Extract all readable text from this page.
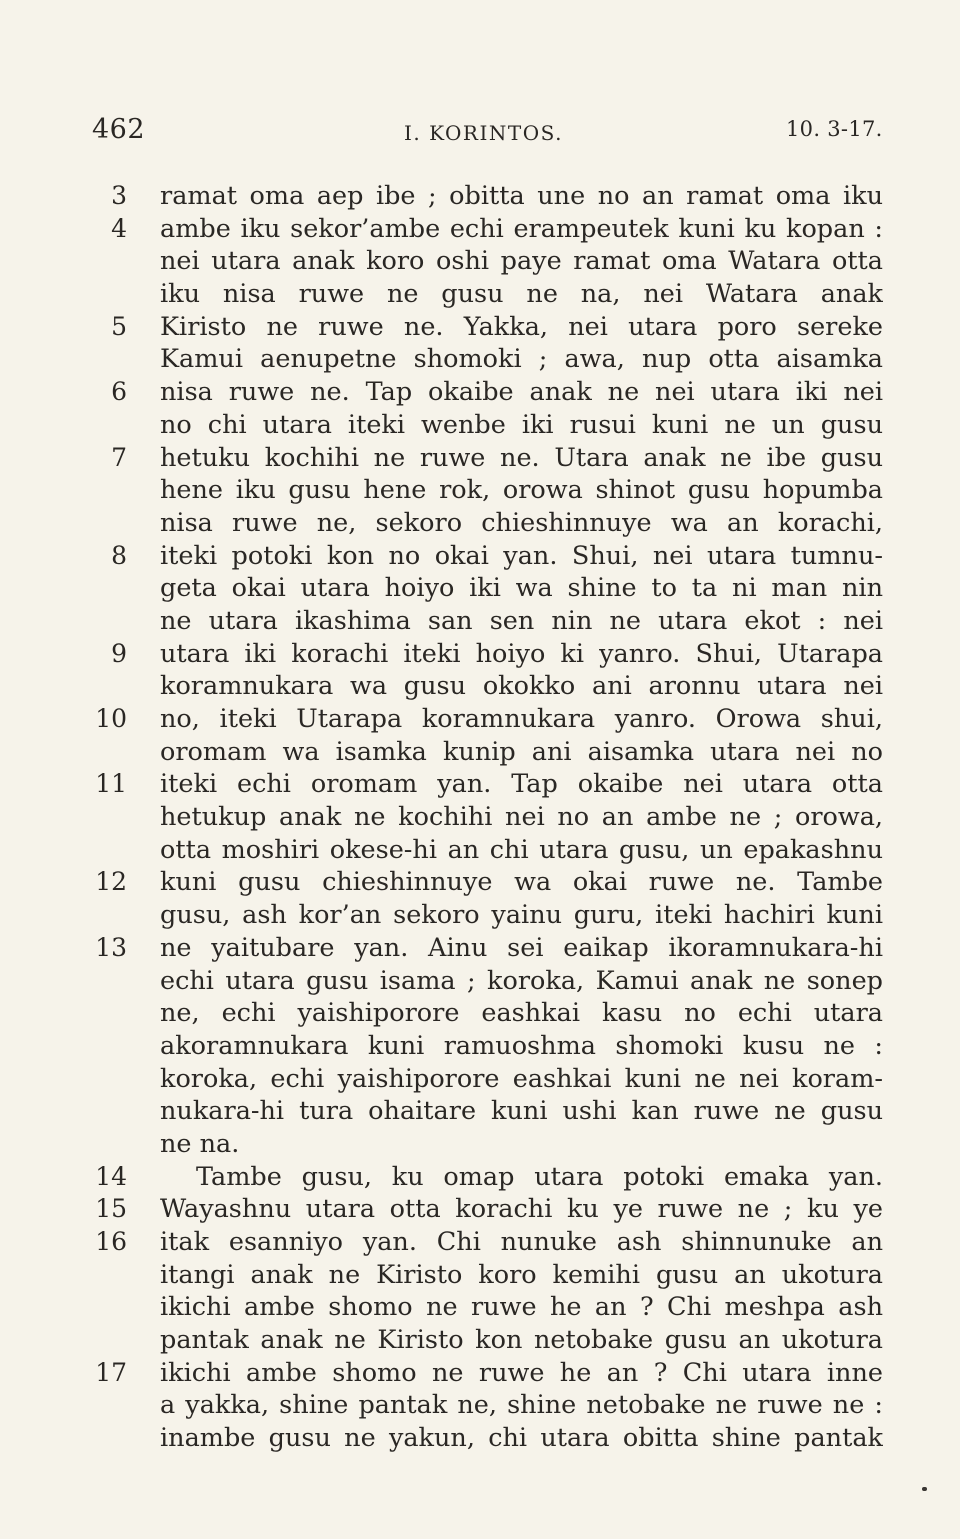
462	I. KORINTOS.	10. 3-17.
3 ramat oma aep ibe ; obitta une no an ramat oma iku
4 ambe iku sekor’ambe echi erampeutek kuni ku kopan :
nei utara anak koro oshi paye ramat oma Watara otta
iku nisa ruwe ne gusu ne na, nei Watara anak
5 Kiristo ne ruwe ne. Yakka, nei utara poro sereke
Kamui aenupetne shomoki ; awa, nup otta aisamka
6 nisa ruwe ne. Tap okaibe anak ne nei utara iki nei
no chi utara iteki wenbe iki rusui kuni ne un gusu
7 hetuku kochihi ne ruwe ne. Utara anak ne ibe gusu
hene iku gusu hene rok, orowa shinot gusu hopumba
nisa ruwe ne, sekoro chieshinnuye wa an korachi,
8 iteki potoki kon no okai yan. Shui, nei utara tumnu-
geta okai utara hoiyo iki wa shine to ta ni man nin
ne utara ikashima san sen nin ne utara ekot : nei
9 utara iki korachi iteki hoiyo ki yanro. Shui, Utarapa
koramnukara wa gusu okokko ani aronnu utara nei
10 no, iteki Utarapa koramnukara yanro. Orowa shui,
oromam wa isamka kunip ani aisamka utara nei no
11 iteki echi oromam yan. Tap okaibe nei utara otta
hetukup anak ne kochihi nei no an ambe ne ; orowa,
otta moshiri okese-hi an chi utara gusu, un epakashnu
12 kuni gusu chieshinnuye wa okai ruwe ne. Tambe
gusu, ash kor’an sekoro yainu guru, iteki hachiri kuni
13 ne yaitubare yan. Ainu sei eaikap ikoramnukara-hi
echi utara gusu isama ; koroka, Kamui anak ne sonep
ne, echi yaishiporore eashkai kasu no echi utara
akoramnukara kuni ramuoshma shomoki kusu ne :
koroka, echi yaishiporore eashkai kuni ne nei koram-
nukara-hi tura ohaitare kuni ushi kan ruwe ne gusu
ne na.
14	Tambe gusu, ku omap utara potoki emaka yan.
15 Wayashnu utara otta korachi ku ye ruwe ne ; ku ye
16 itak esanniyo yan. Chi nunuke ash shinnunuke an
itangi anak ne Kiristo koro kemihi gusu an ukotura
ikichi ambe shomo ne ruwe he an ? Chi meshpa ash
pantak anak ne Kiristo kon netobake gusu an ukotura
17 ikichi ambe shomo ne ruwe he an ? Chi utara inne
a yakka, shine pantak ne, shine netobake ne ruwe ne :
inambe gusu ne yakun, chi utara obitta shine pantak
